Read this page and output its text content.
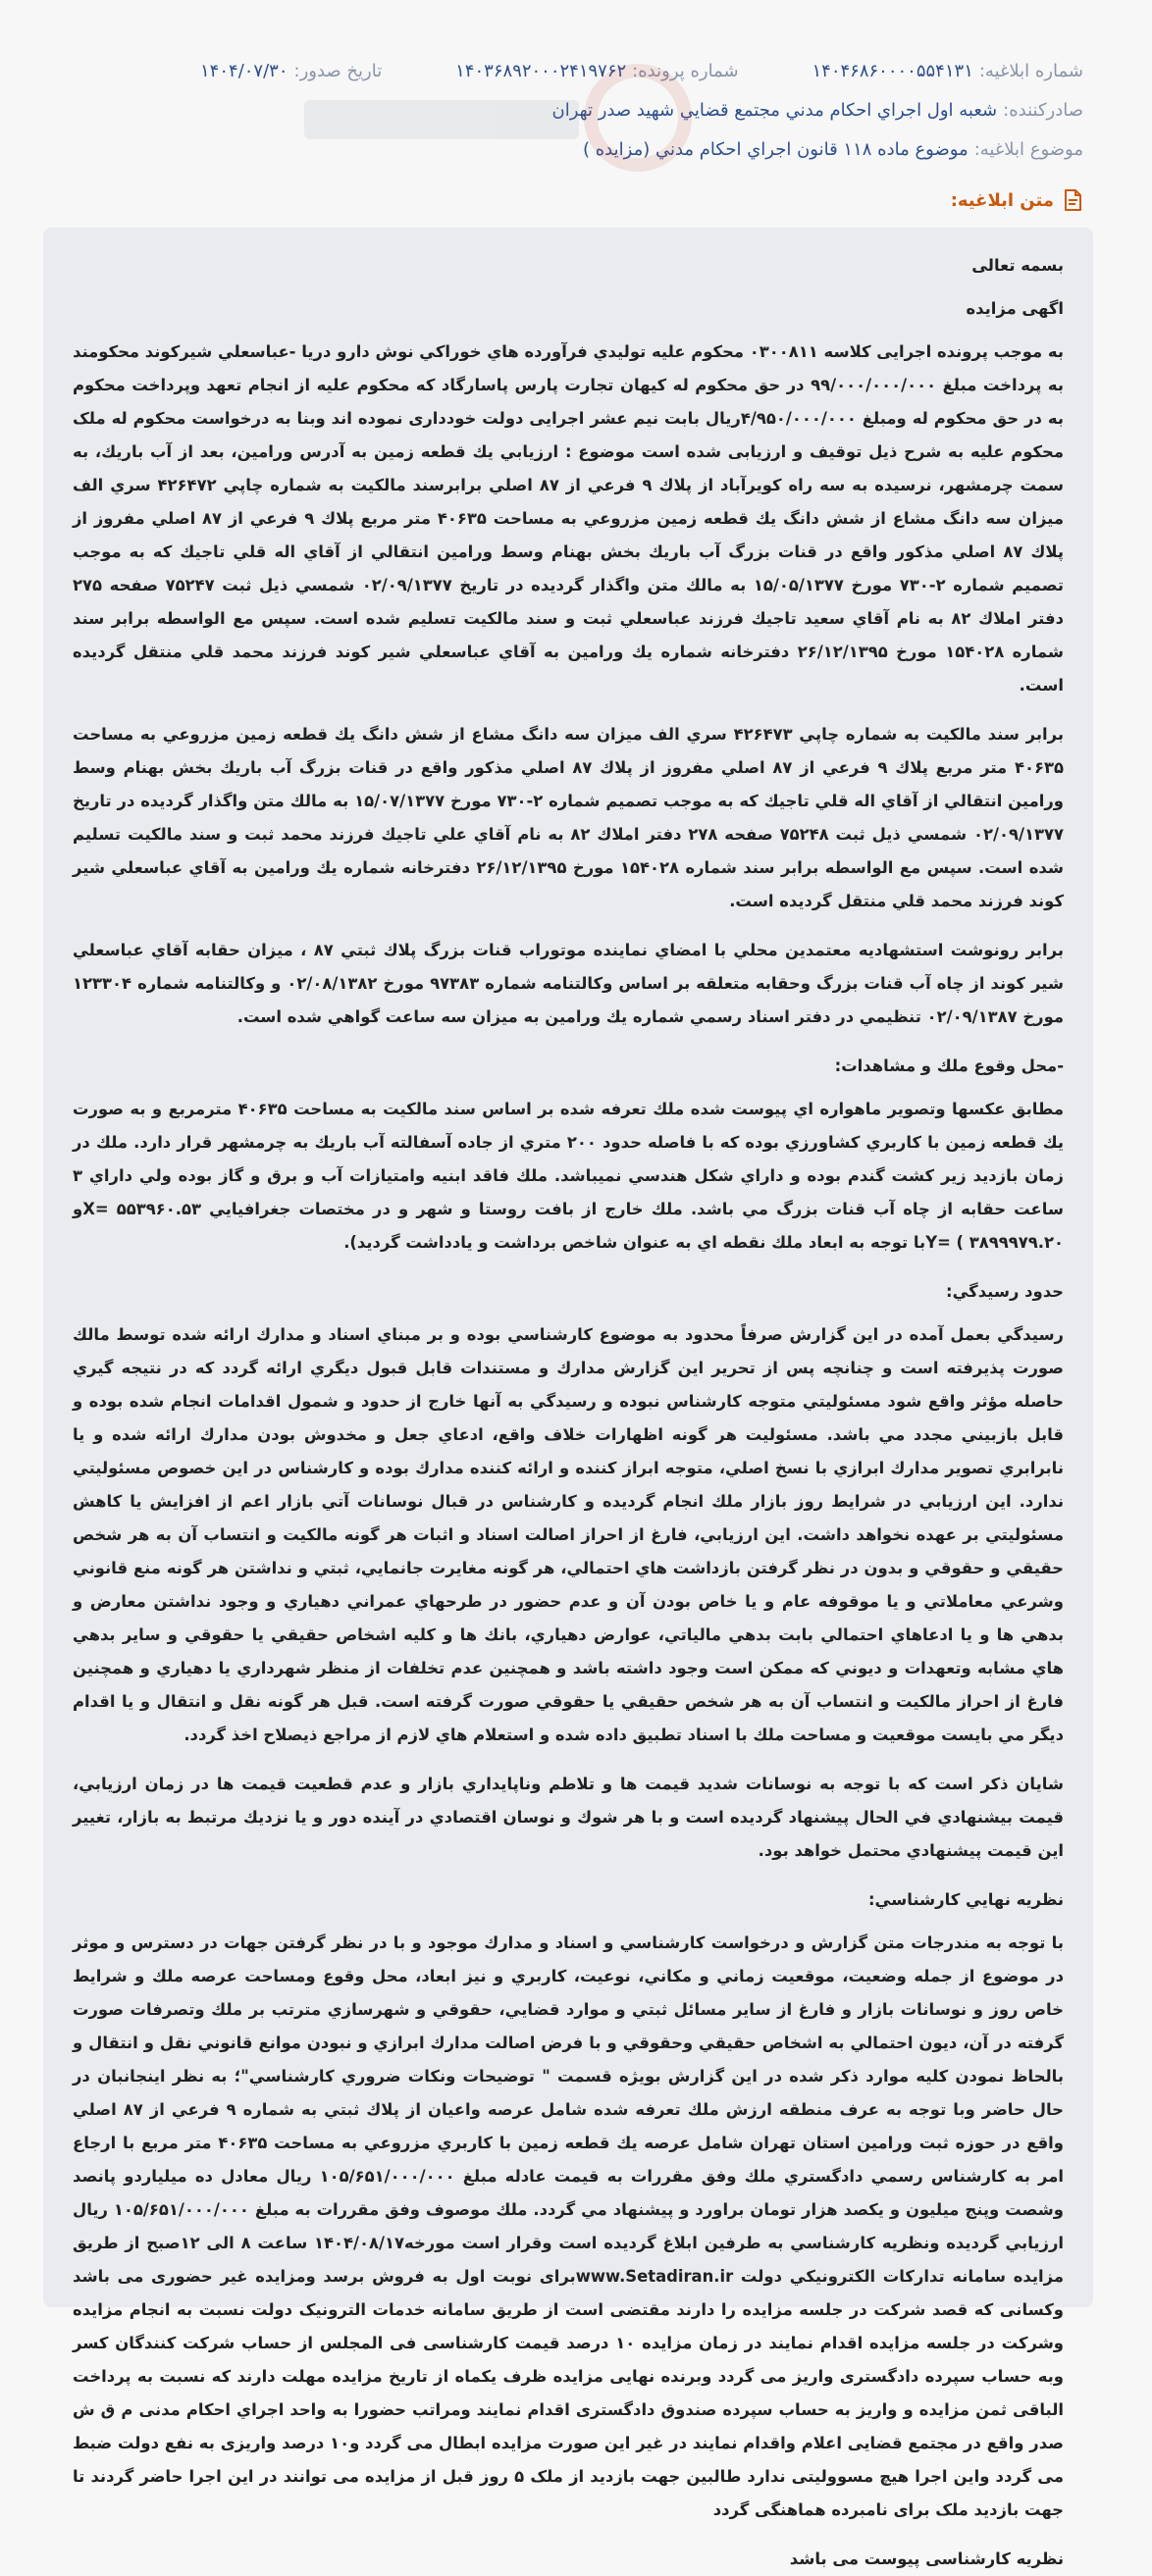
شماره ابلاغیه:۱۴۰۴۶۸۶۰۰۰۰۵۵۴۱۳۱
شماره پرونده:۱۴۰۳۶۸۹۲۰۰۰۲۴۱۹۷۶۲
تاریخ صدور:۱۴۰۴/۰۷/۳۰
صادرکننده:
شعبه اول اجراي احكام مدني مجتمع قضايي شهيد صدر تهران
موضوع ابلاغیه:
موضوع ماده ۱۱۸ قانون اجراي احكام مدني (مزايده )
متن ابلاغیه:

بسمه تعالی

اگهی مزایده

به موجب پرونده اجرايی كلاسه ۰۳۰۰۸۱۱ محكوم عليه توليدي فرآورده هاي خوراكي نوش دارو دريا -عباسعلي شيركوند محكومند به پرداخت مبلغ ۹۹/۰۰۰/۰۰۰/۰۰۰ در حق محكوم له كيهان تجارت پارس پاسارگاد كه محكوم عليه از انجام تعهد وپرداخت محكوم به در حق محكوم له ومبلغ ۴/۹۵۰/۰۰۰/۰۰۰ريال بابت نيم عشر اجرايی دولت خودداری نموده اند وبنا به درخواست محكوم له ملک محكوم عليه به شرح ذيل توقيف و ارزيابی شده است موضوع : ارزيابي يك قطعه زمين به آدرس ورامين، بعد از آب باريك، به سمت چرمشهر، نرسيده به سه راه كويرآباد از پلاك ۹ فرعي از ۸۷ اصلي برابرسند مالكيت به شماره چاپي ۴۲۶۴۷۲ سري الف ميزان سه دانگ مشاع از شش دانگ يك قطعه زمين مزروعي به مساحت ۴۰۶۳۵ متر مربع پلاك ۹ فرعي از ۸۷ اصلي مفروز از پلاك ۸۷ اصلي مذكور واقع در قنات بزرگ آب باريك بخش بهنام وسط ورامين انتقالي از آقاي اله قلي تاجيك كه به موجب تصميم شماره ۲-۷۳۰ مورخ ۱۵/۰۵/۱۳۷۷ به مالك متن واگذار گرديده در تاريخ ۰۲/۰۹/۱۳۷۷ شمسي ذيل ثبت ۷۵۲۴۷ صفحه ۲۷۵ دفتر املاك ۸۲ به نام آقاي سعيد تاجيك فرزند عباسعلي ثبت و سند مالكيت تسليم شده است. سپس مع الواسطه برابر سند شماره ۱۵۴۰۲۸ مورخ ۲۶/۱۲/۱۳۹۵ دفترخانه شماره يك ورامين به آقاي عباسعلي شير كوند فرزند محمد قلي منتقل گرديده است.

برابر سند مالكيت به شماره چاپي ۴۲۶۴۷۳ سري الف ميزان سه دانگ مشاع از شش دانگ يك قطعه زمين مزروعي به مساحت ۴۰۶۳۵ متر مربع پلاك ۹ فرعي از ۸۷ اصلي مفروز از پلاك ۸۷ اصلي مذكور واقع در قنات بزرگ آب باريك بخش بهنام وسط ورامين انتقالي از آقاي اله قلي تاجيك كه به موجب تصميم شماره ۲-۷۳۰ مورخ ۱۵/۰۷/۱۳۷۷ به مالك متن واگذار گرديده در تاريخ ۰۲/۰۹/۱۳۷۷ شمسي ذيل ثبت ۷۵۲۴۸ صفحه ۲۷۸ دفتر املاك ۸۲ به نام آقاي علي تاجيك فرزند محمد ثبت و سند مالكيت تسليم شده است. سپس مع الواسطه برابر سند شماره ۱۵۴۰۲۸ مورخ ۲۶/۱۲/۱۳۹۵ دفترخانه شماره يك ورامين به آقاي عباسعلي شير كوند فرزند محمد قلي منتقل گرديده است.

برابر رونوشت استشهاديه معتمدين محلي با امضاي نماينده موتوراب قنات بزرگ پلاك ثبتي ۸۷ ، ميزان حقابه آقاي عباسعلي شير كوند از چاه آب قنات بزرگ وحقابه متعلقه بر اساس وكالتنامه شماره ۹۷۳۸۳ مورخ ۰۲/۰۸/۱۳۸۲ و وكالتنامه شماره ۱۲۳۳۰۴ مورخ ۰۲/۰۹/۱۳۸۷ تنظيمي در دفتر اسناد رسمي شماره يك ورامين به ميزان سه ساعت گواهي شده است.

-محل وقوع ملك و مشاهدات:

مطابق عكسها وتصوير ماهواره اي پيوست شده ملك تعرفه شده بر اساس سند مالكيت به مساحت ۴۰۶۳۵ مترمربع و به صورت يك قطعه زمين با كاربري كشاورزي بوده كه با فاصله حدود ۲۰۰ متري از جاده آسفالته آب باريك به چرمشهر قرار دارد. ملك در زمان بازديد زير كشت گندم بوده و داراي شكل هندسي نميباشد. ملك فاقد ابنيه وامتيازات آب و برق و گاز بوده ولي داراي ۳ ساعت حقابه از چاه آب قنات بزرگ مي باشد. ملك خارج از بافت روستا و شهر و در مختصات جغرافيايي ۵۵۳۹۶۰.۵۳ =Xو ۳۸۹۹۹۷۹.۲۰ ) =Yبا توجه به ابعاد ملك نقطه اي به عنوان شاخص برداشت و يادداشت گرديد).

حدود رسيدگي:

رسيدگي بعمل آمده در اين گزارش صرفاً محدود به موضوع كارشناسي بوده و بر مبناي اسناد و مدارك ارائه شده توسط مالك صورت پذيرفته است و چنانچه پس از تحرير اين گزارش مدارك و مستندات قابل قبول ديگري ارائه گردد كه در نتيجه گيري حاصله مؤثر واقع شود مسئوليتي متوجه كارشناس نبوده و رسيدگي به آنها خارج از حدود و شمول اقدامات انجام شده بوده و قابل بازبيني مجدد مي باشد. مسئوليت هر گونه اظهارات خلاف واقع، ادعاي جعل و مخدوش بودن مدارك ارائه شده و يا نابرابري تصوير مدارك ابرازي با نسخ اصلي، متوجه ابراز كننده و ارائه كننده مدارك بوده و كارشناس در اين خصوص مسئوليتي ندارد. اين ارزيابي در شرايط روز بازار ملك انجام گرديده و كارشناس در قبال نوسانات آتي بازار اعم از افزايش يا كاهش مسئوليتي بر عهده نخواهد داشت. اين ارزيابي، فارغ از احراز اصالت اسناد و اثبات هر گونه مالكيت و انتساب آن به هر شخص حقيقي و حقوقي و بدون در نظر گرفتن بازداشت هاي احتمالي، هر گونه مغايرت جانمايي، ثبتي و نداشتن هر گونه منع قانوني وشرعي معاملاتي و يا موقوفه عام و يا خاص بودن آن و عدم حضور در طرحهاي عمراني دهياري و وجود نداشتن معارض و بدهي ها و يا ادعاهاي احتمالي بابت بدهي مالياتي، عوارض دهياري، بانك ها و كليه اشخاص حقيقي يا حقوقي و ساير بدهي هاي مشابه وتعهدات و ديوني كه ممكن است وجود داشته باشد و همچنين عدم تخلفات از منظر شهرداري يا دهياري و همچنين فارغ از احراز مالكيت و انتساب آن به هر شخص حقيقي يا حقوقي صورت گرفته است. قبل هر گونه نقل و انتقال و يا اقدام ديگر مي بايست موقعيت و مساحت ملك با اسناد تطبيق داده شده و استعلام هاي لازم از مراجع ذيصلاح اخذ گردد.

شايان ذكر است كه با توجه به نوسانات شديد قيمت ها و تلاطم وناپايداري بازار و عدم قطعيت قيمت ها در زمان ارزيابي، قيمت بيشنهادي في الحال پيشنهاد گرديده است و با هر شوك و نوسان اقتصادي در آينده دور و يا نزديك مرتبط به بازار، تغيير اين قيمت پيشنهادي محتمل خواهد بود.

نظريه نهايي كارشناسي:

با توجه به مندرجات متن گزارش و درخواست كارشناسي و اسناد و مدارك موجود و با در نظر گرفتن جهات در دسترس و موثر در موضوع از جمله وضعيت، موقعيت زماني و مكاني، نوعيت، كاربري و نيز ابعاد، محل وقوع ومساحت عرصه ملك و شرايط خاص روز و نوسانات بازار و فارغ از ساير مسائل ثبتي و موارد قضايي، حقوقي و شهرسازي مترتب بر ملك وتصرفات صورت گرفته در آن، ديون احتمالي به اشخاص حقيقي وحقوقي و با فرض اصالت مدارك ابرازي و نبودن موانع قانوني نقل و انتقال و بالحاظ نمودن كليه موارد ذكر شده در اين گزارش بويژه قسمت " توضيحات ونكات ضروري كارشناسي"؛ به نظر اينجانبان در حال حاضر وبا توجه به عرف منطقه ارزش ملك تعرفه شده شامل عرصه واعيان از پلاك ثبتي به شماره ۹ فرعي از ۸۷ اصلي واقع در حوزه ثبت ورامين استان تهران شامل عرصه يك قطعه زمين با كاربري مزروعي به مساحت ۴۰۶۳۵ متر مربع با ارجاع امر به كارشناس رسمي دادگستري ملك وفق مقررات به قيمت عادله مبلغ ۱۰۵/۶۵۱/۰۰۰/۰۰۰ ريال معادل ده ميلياردو پانصد وشصت وپنج ميليون و يكصد هزار تومان براورد و پيشنهاد مي گردد. ملك موصوف وفق مقررات به مبلغ ۱۰۵/۶۵۱/۰۰۰/۰۰۰ ريال ارزيابي گرديده ونظريه كارشناسي به طرفين ابلاغ گرديده است وقرار است مورخه۱۴۰۴/۰۸/۱۷ ساعت ۸ الی ۱۲صبح از طريق مزايده سامانه تداركات الكترونيكي دولت www.Setadiran.irبرای نوبت اول به فروش برسد ومزايده غير حضوری می باشد وكسانی كه قصد شركت در جلسه مزايده را دارند مقتضی است از طريق سامانه خدمات الترونيک دولت نسبت به انجام مزايده وشركت در جلسه مزايده اقدام نمايند در زمان مزايده ۱۰ درصد قيمت كارشناسی فی المجلس از حساب شركت كنندگان كسر وبه حساب سپرده دادگستری واريز می گردد وبرنده نهايی مزايده ظرف يكماه از تاريخ مزايده مهلت دارند كه نسبت به پرداخت الباقی ثمن مزايده و واريز به حساب سپرده صندوق دادگستری اقدام نمايند ومراتب حضورا به واحد اجراي احكام مدنی م ق ش صدر واقع در مجتمع قضايی اعلام واقدام نمايند در غير اين صورت مزايده ابطال می گردد و۱۰ درصد واريزی به نفع دولت ضبط می گردد واين اجرا هيچ مسووليتی ندارد طالبين جهت بازديد از ملک ۵ روز قبل از مزايده می توانند در اين اجرا حاضر گردند تا جهت بازديد ملک برای نامبرده هماهنگی گردد

نظريه كارشناسی پيوست می باشد
